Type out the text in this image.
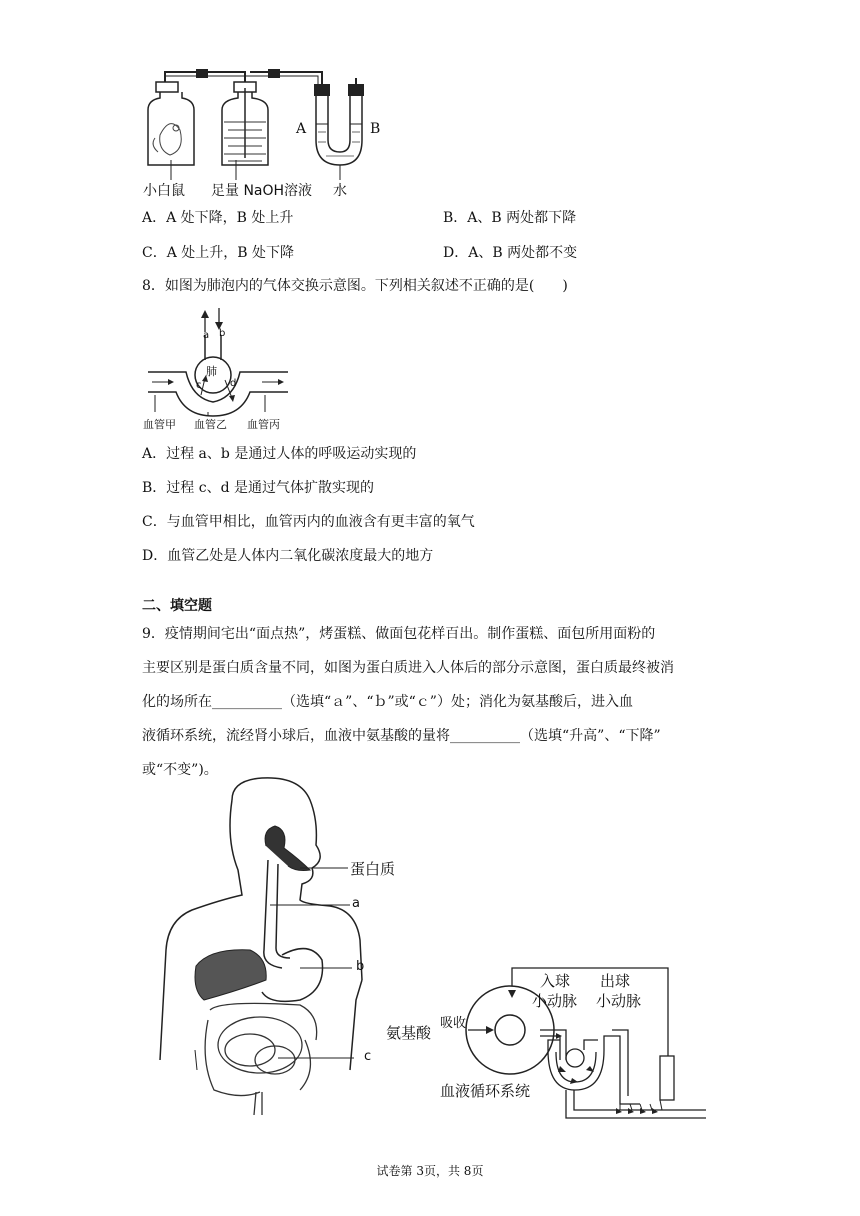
A	B
小白鼠 足量 NaOH溶液 水
A．A 处下降，B 处上升	B．A、B 两处都下降
C．A 处上升，B 处下降	D．A、B 两处都不变
8．如图为肺泡内的气体交换示意图。下列相关叙述不正确的是(　　)
a b
肺
c	d
血管甲 血管乙 血管丙
A．过程 a、b 是通过人体的呼吸运动实现的
B．过程 c、d 是通过气体扩散实现的
C．与血管甲相比，血管丙内的血液含有更丰富的氧气
D．血管乙处是人体内二氧化碳浓度最大的地方
二、填空题
9．疫情期间宅出“面点热”，烤蛋糕、做面包花样百出。制作蛋糕、面包所用面粉的
主要区别是蛋白质含量不同，如图为蛋白质进入人体后的部分示意图，蛋白质最终被消
化的场所在__________（选填“ａ”、“ｂ”或“ｃ”）处；消化为氨基酸后，进入血
液循环系统，流经肾小球后，血液中氨基酸的量将__________（选填“升高”、“下降”
或“不变”)。
蛋白质
a
b
c
氨基酸
吸收
入球
小动脉
出球
小动脉
血液循环系统
试卷第 3页，共 8页
